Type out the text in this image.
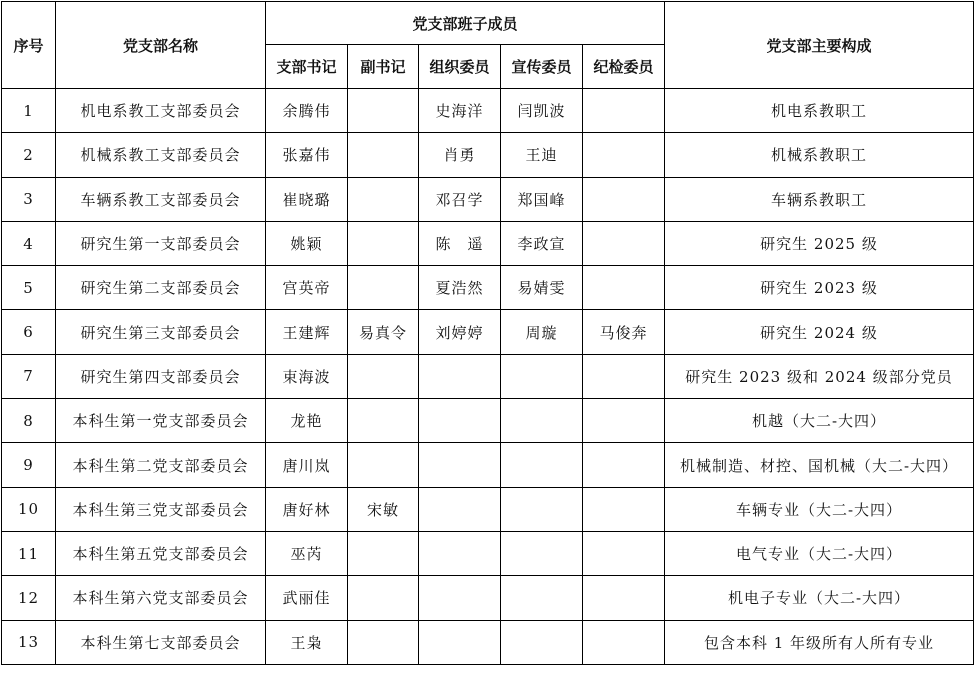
序号	党支部名称	党支部班子成员					党支部主要构成
		支部书记	副书记	组织委员	宣传委员	纪检委员	
1	机电系教工支部委员会	余腾伟		史海洋	闫凯波		机电系教职工
2	机械系教工支部委员会	张嘉伟		肖勇	王迪		机械系教职工
3	车辆系教工支部委员会	崔晓璐		邓召学	郑国峰		车辆系教职工
4	研究生第一支部委员会	姚颖		陈　遥	李政宣		研究生 2025 级
5	研究生第二支部委员会	宫英帝		夏浩然	易婧雯		研究生 2023 级
6	研究生第三支部委员会	王建辉	易真令	刘婷婷	周璇	马俊奔	研究生 2024 级
7	研究生第四支部委员会	束海波					研究生 2023 级和 2024 级部分党员
8	本科生第一党支部委员会	龙艳					机越（大二-大四）
9	本科生第二党支部委员会	唐川岚					机械制造、材控、国机械（大二-大四）
10	本科生第三党支部委员会	唐好林	宋敏				车辆专业（大二-大四）
11	本科生第五党支部委员会	巫芮					电气专业（大二-大四）
12	本科生第六党支部委员会	武丽佳					机电子专业（大二-大四）
13	本科生第七支部委员会	王枭					包含本科 1 年级所有人所有专业
